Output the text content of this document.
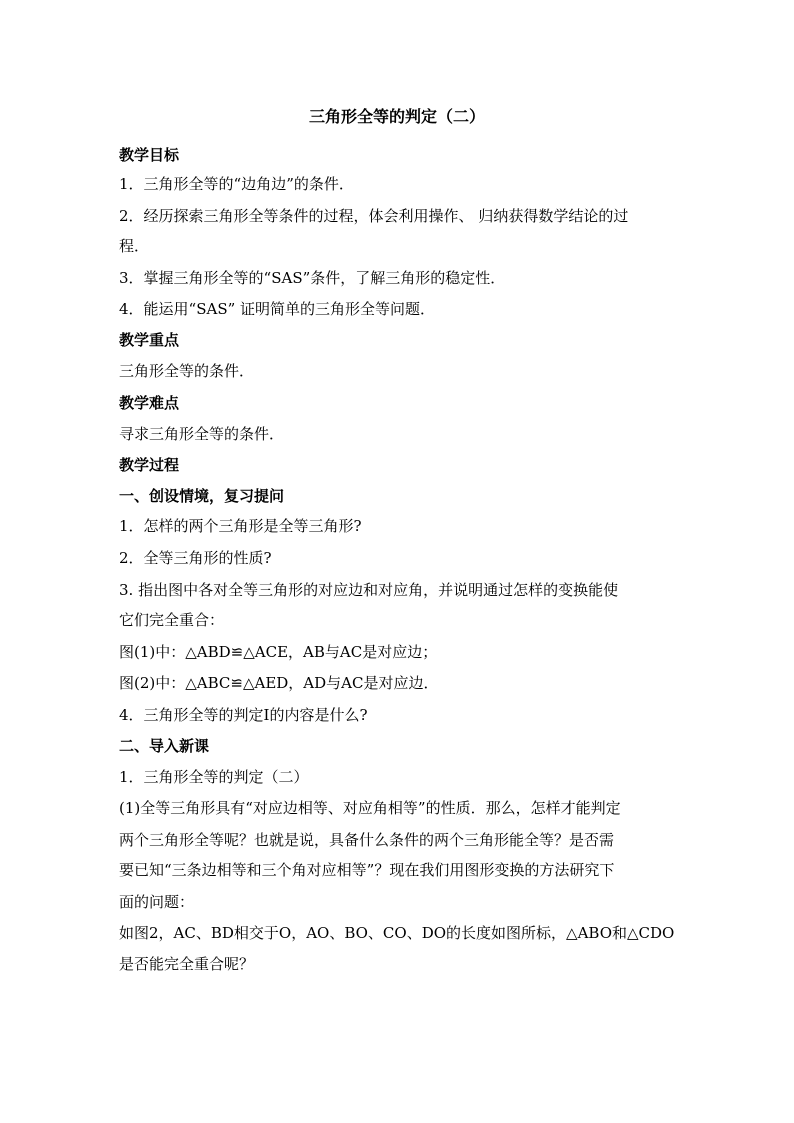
三角形全等的判定（二）
教学目标
1．三角形全等的“边角边”的条件．
2．经历探索三角形全等条件的过程，体会利用操作、 归纳获得数学结论的过
程．
3．掌握三角形全等的“SAS”条件，了解三角形的稳定性．
4．能运用“SAS” 证明简单的三角形全等问题．
教学重点
三角形全等的条件．
教学难点
寻求三角形全等的条件．
教学过程
一、创设情境，复习提问
1．怎样的两个三角形是全等三角形?
2．全等三角形的性质?
3. 指出图中各对全等三角形的对应边和对应角，并说明通过怎样的变换能使
它们完全重合：
图(1)中：△ABD≌△ACE，AB与AC是对应边；
图(2)中：△ABC≌△AED，AD与AC是对应边．
4．三角形全等的判定Ⅰ的内容是什么?
二、导入新课
1．三角形全等的判定（二）
(1)全等三角形具有“对应边相等、对应角相等”的性质．那么，怎样才能判定
两个三角形全等呢？也就是说，具备什么条件的两个三角形能全等？是否需
要已知“三条边相等和三个角对应相等”？现在我们用图形变换的方法研究下
面的问题：
如图2，AC、BD相交于O，AO、BO、CO、DO的长度如图所标，△ABO和△CDO
是否能完全重合呢？
